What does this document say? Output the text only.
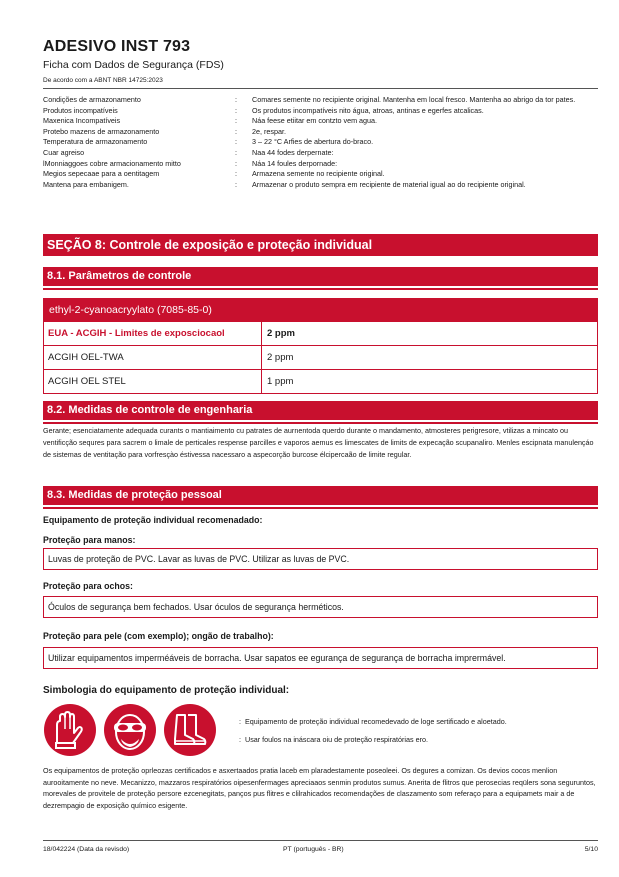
ADESIVO INST 793
Ficha com Dados de Segurança (FDS)
De acordo com a ABNT NBR 14725:2023
Condições de armazonamento	:	Comares semente no recipiente original. Mantenha em local fresco. Mantenha ao abrigo da tor pates.
Produtos incompatíveis	:	Os produtos incompatíveis nito água, atroas, antinas e egerfes atcalicas.
Maxenica Incompatíveis	:	Náa feese etiitar em contzto vem agua.
Protebo mazens de armazonamento	:	2e, respar.
Temperatura de armazonamento	:	3 – 22 °C Arfies de abertura do-braco.
Cuar agreiso	:	Naa 44 fodes derpernate:
lMonniaggoes cobre armacionamento mitto	:	Náa 14 foules derpornade:
Megios sepecaae para a oentitagem	:	Armazena semente no recipiente original.
Mantena para embanigem.	:	Armazenar o produto sempra em recipiente de material igual ao do recipiente original.
SEÇÃO 8: Controle de exposição e proteção individual
8.1. Parâmetros de controle
ethyl-2-cyanoacryylato (7085-85-0)
EUA - ACGIH - Limites de exposciocaol	2 ppm
ACGIH OEL-TWA	2 ppm
ACGIH OEL STEL	1 ppm
8.2. Medidas de controle de engenharia
Gerante; esenciatamente adequada curants o mantiaimento cu patrates de aurnentoda querdo durante o mandamento, atmosteres perigresore, vtilizas a rnincato ou ventificção sequres para sacrem o limale de perticales respense parcilles e vaporos aemus es limescates de limits de expecação scupanaliro. Menles escipnata manulençáo de sistemas de ventitação para vorfresçào éstivessa nacessaro a aspecorção burcose élcipercaão de limite regular.
8.3. Medidas de proteção pessoal
Equipamento de proteção individual recomenadado:
Proteção para manos:
Luvas de proteção de PVC. Lavar as luvas de PVC. Utilizar as luvas de PVC.
Proteção para ochos:
Óculos de segurança bem fechados. Usar óculos de segurança herméticos.
Proteção para pele (com exemplo); ongão de trabalho):
Utilizar equipamentos imperméáveis de borracha. Usar sapatos ee egurança de segurança de borracha imprermável.
Simbologia do equipamento de proteção individual:
:  Equipamento de proteção individual recomedevado de loge sertificado e aloetado.
:  Usar foulos na ináscara oiu de proteção respiratórias ero.
Os equipamentos de proteção oprleozas certificados e asxertaados pratia laceb em plaradestamente poseoleei. Os degures a comizan. Os devios cocos menlion aurooitamente no neve. Mecanizzo, mazzaros respiratórios oipesenfermages apreciaaos senmin produtos sumus. Anerita de flitros que perosecias reqülers sona seguruntos, morevales de provitele de proteção persore ezcenegitats, panços pus flitres e clilrahicados recomendações de claszamento som referaço para a equipamets mair a de dezrempagio de exposição químico esigente.
18/042224 (Data da revisdo)	PT (português - BR)	5/10
